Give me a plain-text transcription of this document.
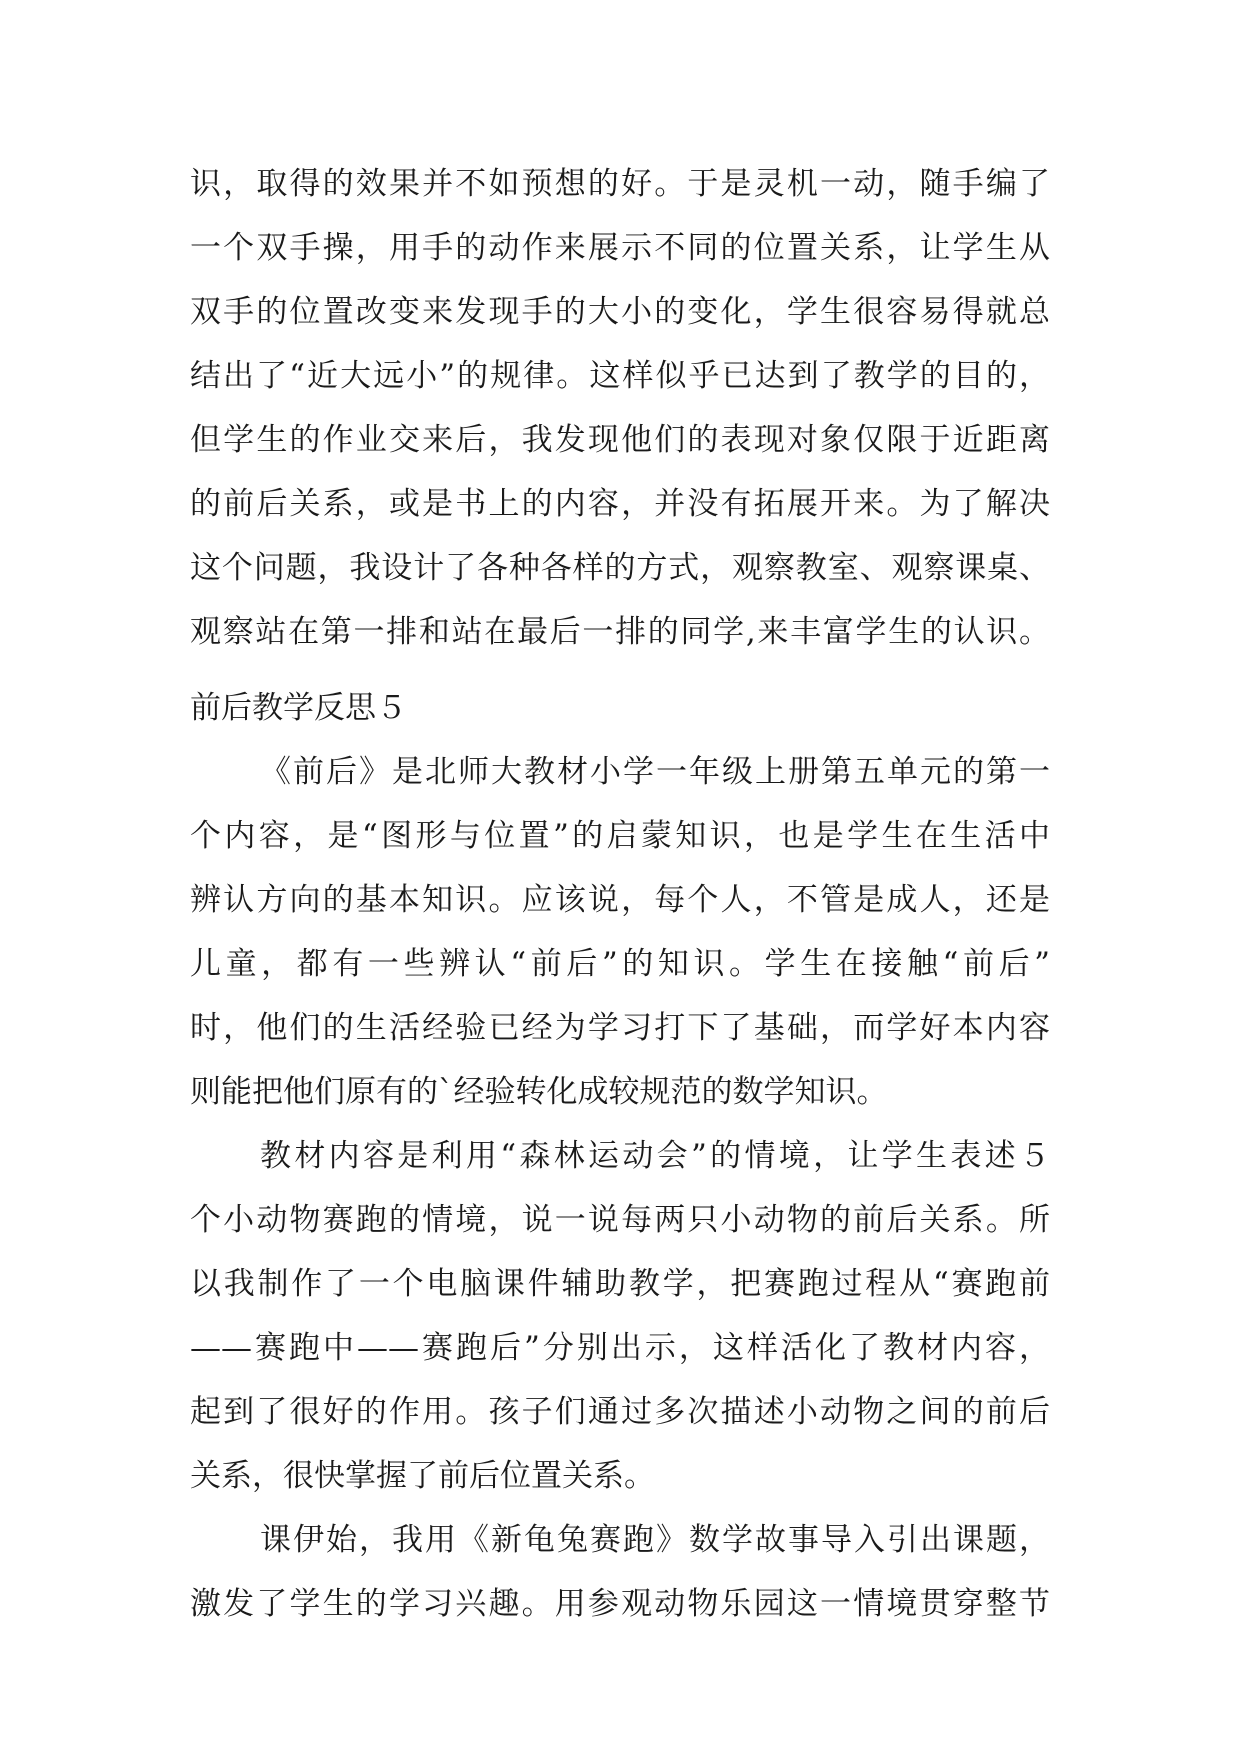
识，取得的效果并不如预想的好。于是灵机一动，随手编了
一个双手操，用手的动作来展示不同的位置关系，让学生从
双手的位置改变来发现手的大小的变化，学生很容易得就总
结出了“近大远小”的规律。这样似乎已达到了教学的目的，
但学生的作业交来后，我发现他们的表现对象仅限于近距离
的前后关系，或是书上的内容，并没有拓展开来。为了解决
这个问题，我设计了各种各样的方式，观察教室、观察课桌、
观察站在第一排和站在最后一排的同学,来丰富学生的认识。
前后教学反思５
《前后》是北师大教材小学一年级上册第五单元的第一
个内容，是“图形与位置”的启蒙知识，也是学生在生活中
辨认方向的基本知识。应该说，每个人，不管是成人，还是
儿童，都有一些辨认“前后”的知识。学生在接触“前后”
时，他们的生活经验已经为学习打下了基础，而学好本内容
则能把他们原有的`经验转化成较规范的数学知识。
教材内容是利用“森林运动会”的情境，让学生表述５
个小动物赛跑的情境，说一说每两只小动物的前后关系。所
以我制作了一个电脑课件辅助教学，把赛跑过程从“赛跑前
——赛跑中——赛跑后”分别出示，这样活化了教材内容，
起到了很好的作用。孩子们通过多次描述小动物之间的前后
关系，很快掌握了前后位置关系。
课伊始，我用《新龟兔赛跑》数学故事导入引出课题，
激发了学生的学习兴趣。用参观动物乐园这一情境贯穿整节
